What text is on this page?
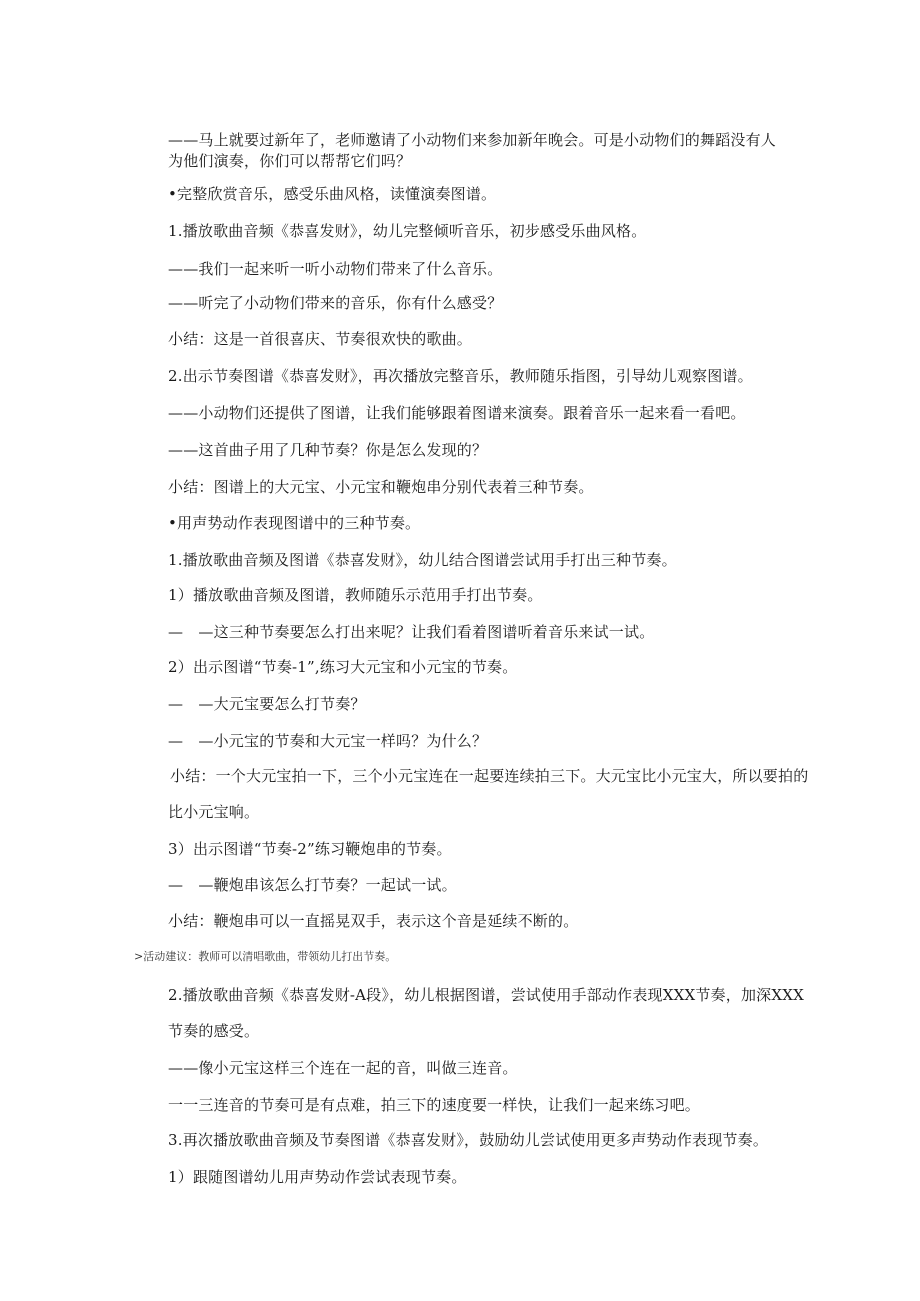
——马上就要过新年了，老师邀请了小动物们来参加新年晚会。可是小动物们的舞蹈没有人
为他们演奏，你们可以帮帮它们吗？
•完整欣赏音乐，感受乐曲风格，读懂演奏图谱。
1.播放歌曲音频《恭喜发财》，幼儿完整倾听音乐，初步感受乐曲风格。
——我们一起来听一听小动物们带来了什么音乐。
——听完了小动物们带来的音乐，你有什么感受？
小结：这是一首很喜庆、节奏很欢快的歌曲。
2.出示节奏图谱《恭喜发财》，再次播放完整音乐，教师随乐指图，引导幼儿观察图谱。
——小动物们还提供了图谱，让我们能够跟着图谱来演奏。跟着音乐一起来看一看吧。
——这首曲子用了几种节奏？你是怎么发现的？
小结：图谱上的大元宝、小元宝和鞭炮串分别代表着三种节奏。
•用声势动作表现图谱中的三种节奏。
1.播放歌曲音频及图谱《恭喜发财》，幼儿结合图谱尝试用手打出三种节奏。
1）播放歌曲音频及图谱，教师随乐示范用手打出节奏。
—　—这三种节奏要怎么打出来呢？让我们看着图谱听着音乐来试一试。
2）出示图谱“节奏-1”,练习大元宝和小元宝的节奏。
—　—大元宝要怎么打节奏？
—　—小元宝的节奏和大元宝一样吗？为什么？
小结：一个大元宝拍一下，三个小元宝连在一起要连续拍三下。大元宝比小元宝大，所以要拍的
比小元宝响。
3）出示图谱“节奏-2”练习鞭炮串的节奏。
—　—鞭炮串该怎么打节奏？一起试一试。
小结：鞭炮串可以一直摇晃双手，表示这个音是延续不断的。
>活动建议：教师可以清唱歌曲，带领幼儿打出节奏。
2.播放歌曲音频《恭喜发财-A段》，幼儿根据图谱，尝试使用手部动作表现XXX节奏，加深XXX
节奏的感受。
——像小元宝这样三个连在一起的音，叫做三连音。
一一三连音的节奏可是有点难，拍三下的速度要一样快，让我们一起来练习吧。
3.再次播放歌曲音频及节奏图谱《恭喜发财》，鼓励幼儿尝试使用更多声势动作表现节奏。
1）跟随图谱幼儿用声势动作尝试表现节奏。
